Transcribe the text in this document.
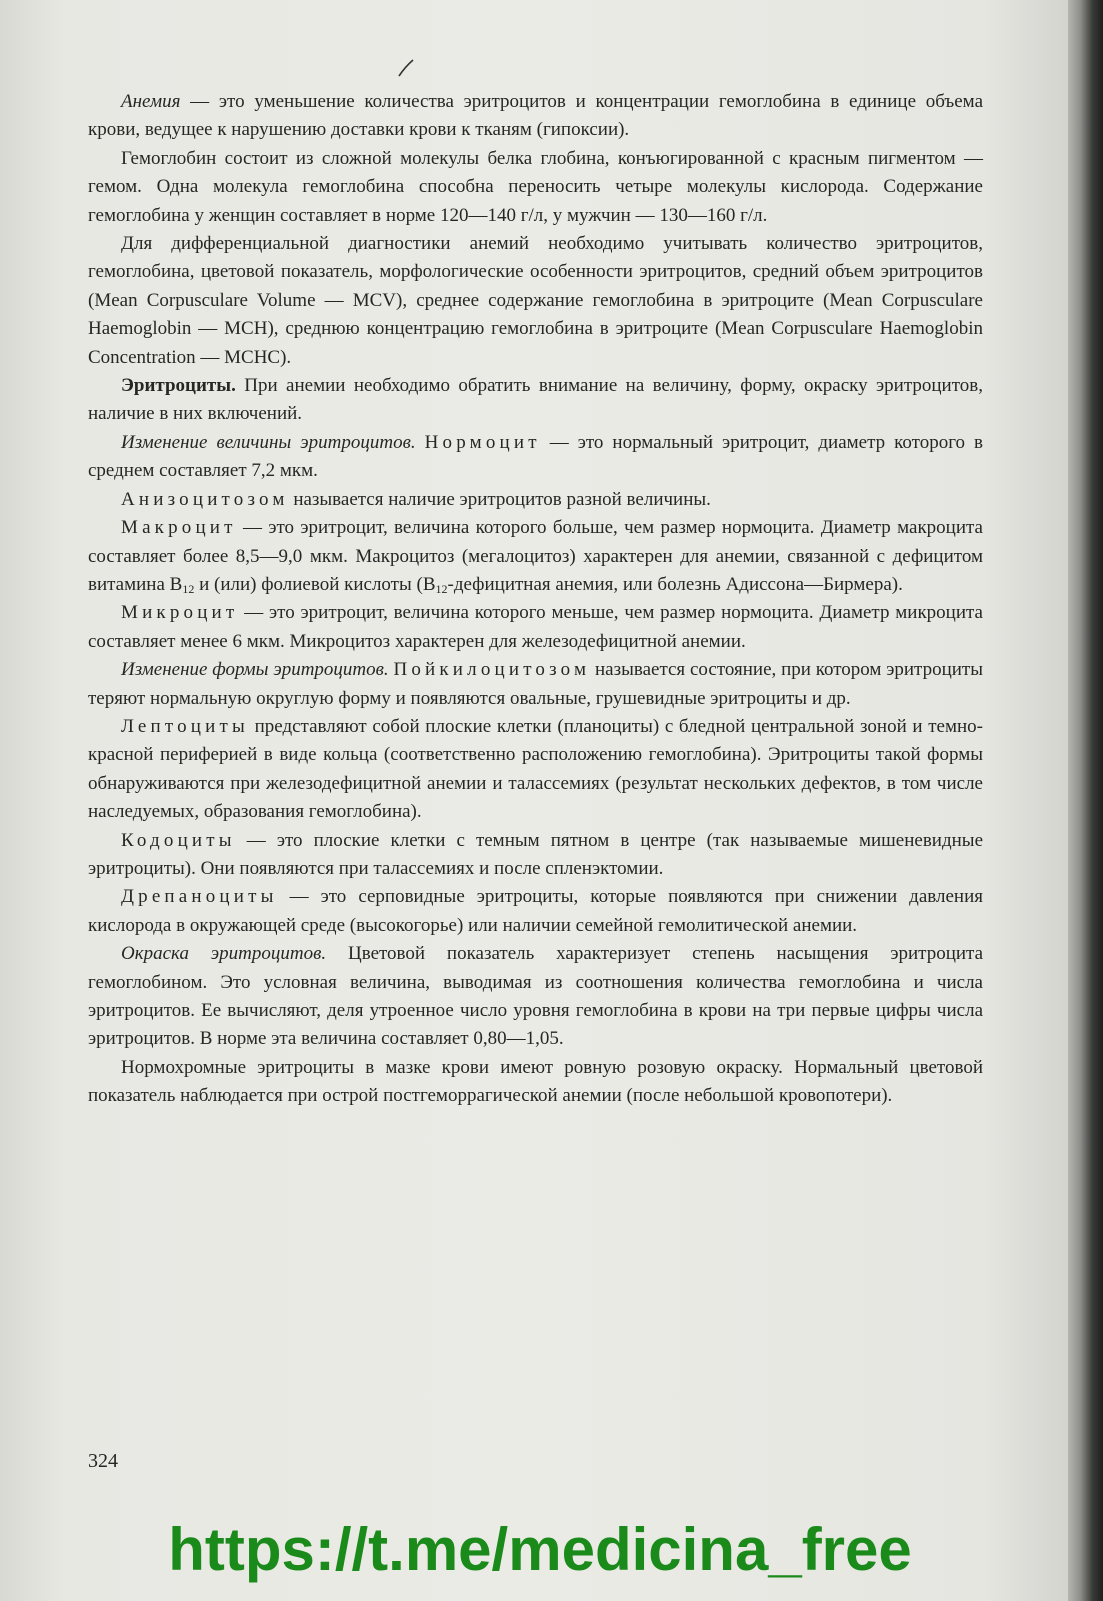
Анемия — это уменьшение количества эритроцитов и концентрации гемоглобина в единице объема крови, ведущее к нарушению доставки крови к тканям (гипоксии).

Гемоглобин состоит из сложной молекулы белка глобина, конъюгированной с красным пигментом — гемом. Одна молекула гемоглобина способна переносить четыре молекулы кислорода. Содержание гемоглобина у женщин составляет в норме 120—140 г/л, у мужчин — 130—160 г/л.

Для дифференциальной диагностики анемий необходимо учитывать количество эритроцитов, гемоглобина, цветовой показатель, морфологические особенности эритроцитов, средний объем эритроцитов (Mean Corpusculare Volume — MCV), среднее содержание гемоглобина в эритроците (Mean Corpusculare Haemoglobin — MCH), среднюю концентрацию гемоглобина в эритроците (Mean Corpusculare Haemoglobin Concentration — MCHC).

Эритроциты. При анемии необходимо обратить внимание на величину, форму, окраску эритроцитов, наличие в них включений.

Изменение величины эритроцитов. Нормоцит — это нормальный эритроцит, диаметр которого в среднем составляет 7,2 мкм.

Анизоцитозом называется наличие эритроцитов разной величины.

Макроцит — это эритроцит, величина которого больше, чем размер нормоцита. Диаметр макроцита составляет более 8,5—9,0 мкм. Макроцитоз (мегалоцитоз) характерен для анемии, связанной с дефицитом витамина $B_{12}$ и (или) фолиевой кислоты ($B_{12}$-дефицитная анемия, или болезнь Адиссона—Бирмера).

Микроцит — это эритроцит, величина которого меньше, чем размер нормоцита. Диаметр микроцита составляет менее 6 мкм. Микроцитоз характерен для железодефицитной анемии.

Изменение формы эритроцитов. Пойкилоцитозом называется состояние, при котором эритроциты теряют нормальную округлую форму и появляются овальные, грушевидные эритроциты и др.

Лептоциты представляют собой плоские клетки (планоциты) с бледной центральной зоной и темно-красной периферией в виде кольца (соответственно расположению гемоглобина). Эритроциты такой формы обнаруживаются при железодефицитной анемии и талассемиях (результат нескольких дефектов, в том числе наследуемых, образования гемоглобина).

Кодоциты — это плоские клетки с темным пятном в центре (так называемые мишеневидные эритроциты). Они появляются при талассемиях и после спленэктомии.

Дрепаноциты — это серповидные эритроциты, которые появляются при снижении давления кислорода в окружающей среде (высокогорье) или наличии семейной гемолитической анемии.

Окраска эритроцитов. Цветовой показатель характеризует степень насыщения эритроцита гемоглобином. Это условная величина, выводимая из соотношения количества гемоглобина и числа эритроцитов. Ее вычисляют, деля утроенное число уровня гемоглобина в крови на три первые цифры числа эритроцитов. В норме эта величина составляет 0,80—1,05.

Нормохромные эритроциты в мазке крови имеют ровную розовую окраску. Нормальный цветовой показатель наблюдается при острой постгеморрагической анемии (после небольшой кровопотери).

324
https://t.me/medicina_free
